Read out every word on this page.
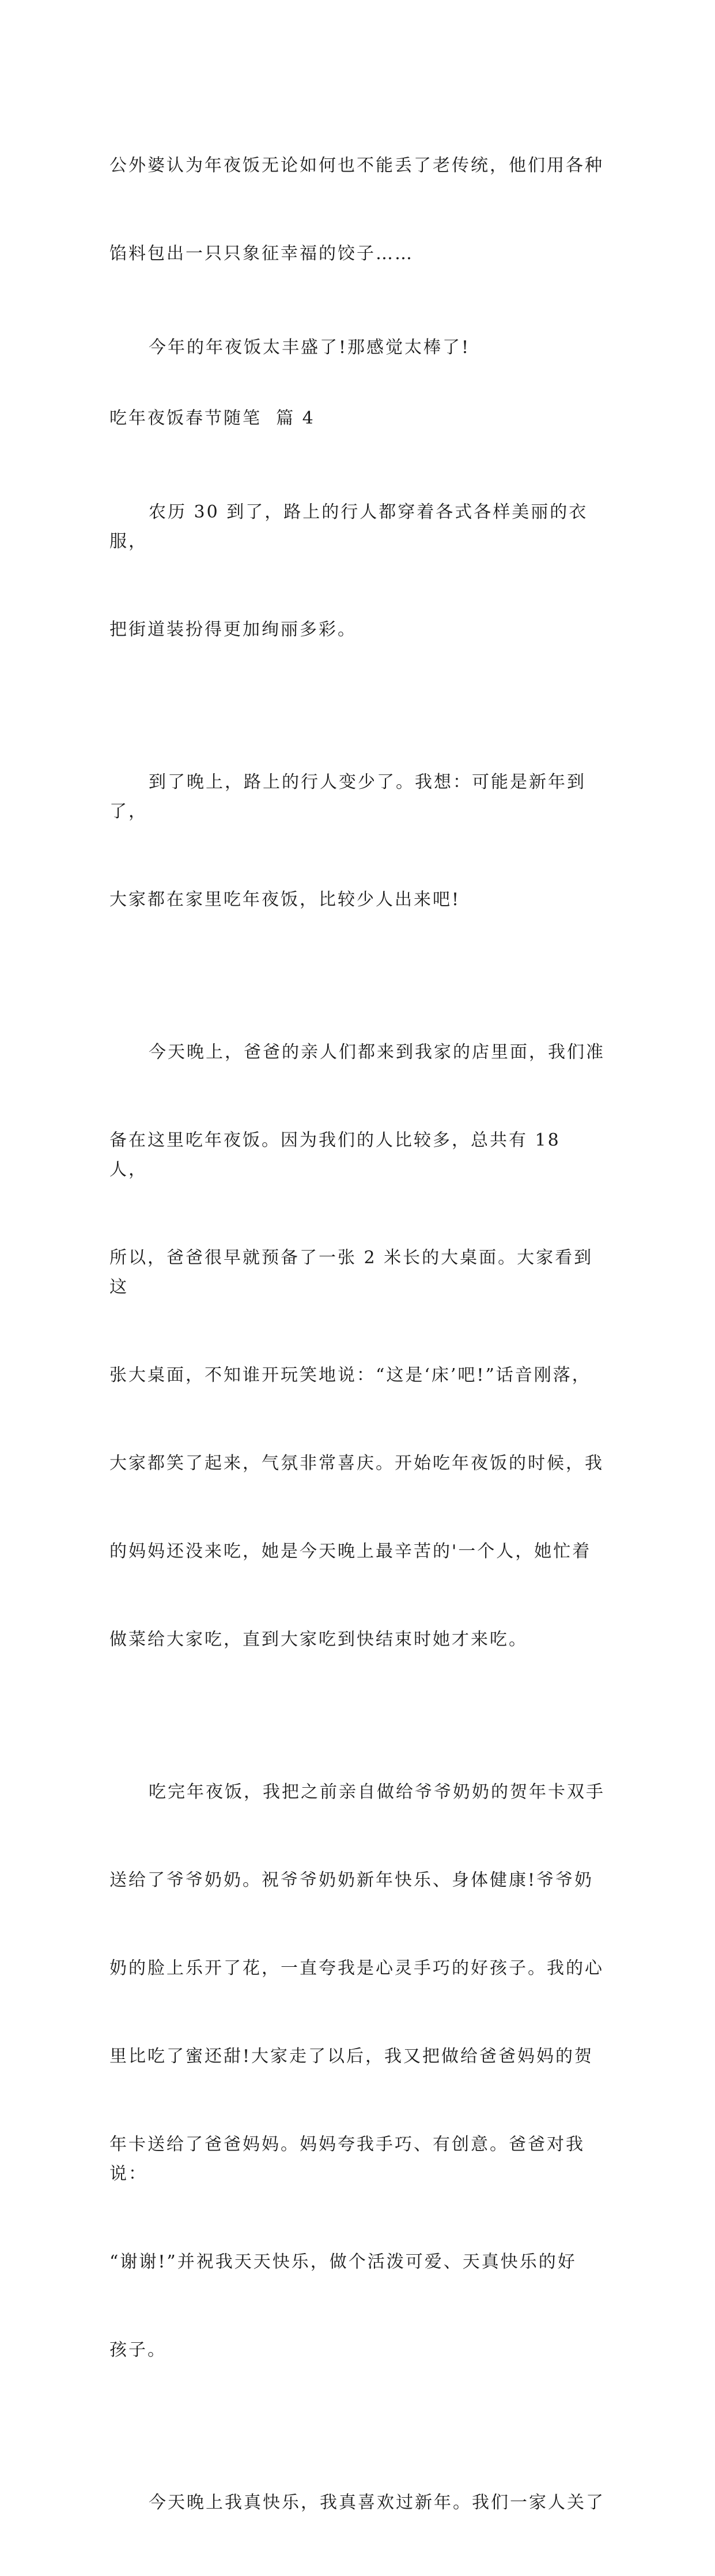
公外婆认为年夜饭无论如何也不能丢了老传统，他们用各种

馅料包出一只只象征幸福的饺子……

今年的年夜饭太丰盛了!那感觉太棒了!

吃年夜饭春节随笔  篇 4

农历 30 到了，路上的行人都穿着各式各样美丽的衣服，

把街道装扮得更加绚丽多彩。

到了晚上，路上的行人变少了。我想：可能是新年到了，

大家都在家里吃年夜饭，比较少人出来吧!

今天晚上，爸爸的亲人们都来到我家的店里面，我们准

备在这里吃年夜饭。因为我们的人比较多，总共有 18 人，

所以，爸爸很早就预备了一张 2 米长的大桌面。大家看到这

张大桌面，不知谁开玩笑地说：“这是‘床’吧!”话音刚落，

大家都笑了起来，气氛非常喜庆。开始吃年夜饭的时候，我

的妈妈还没来吃，她是今天晚上最辛苦的'一个人，她忙着

做菜给大家吃，直到大家吃到快结束时她才来吃。

吃完年夜饭，我把之前亲自做给爷爷奶奶的贺年卡双手

送给了爷爷奶奶。祝爷爷奶奶新年快乐、身体健康!爷爷奶

奶的脸上乐开了花，一直夸我是心灵手巧的好孩子。我的心

里比吃了蜜还甜!大家走了以后，我又把做给爸爸妈妈的贺

年卡送给了爸爸妈妈。妈妈夸我手巧、有创意。爸爸对我说：

“谢谢!”并祝我天天快乐，做个活泼可爱、天真快乐的好

孩子。

今天晚上我真快乐，我真喜欢过新年。我们一家人关了
